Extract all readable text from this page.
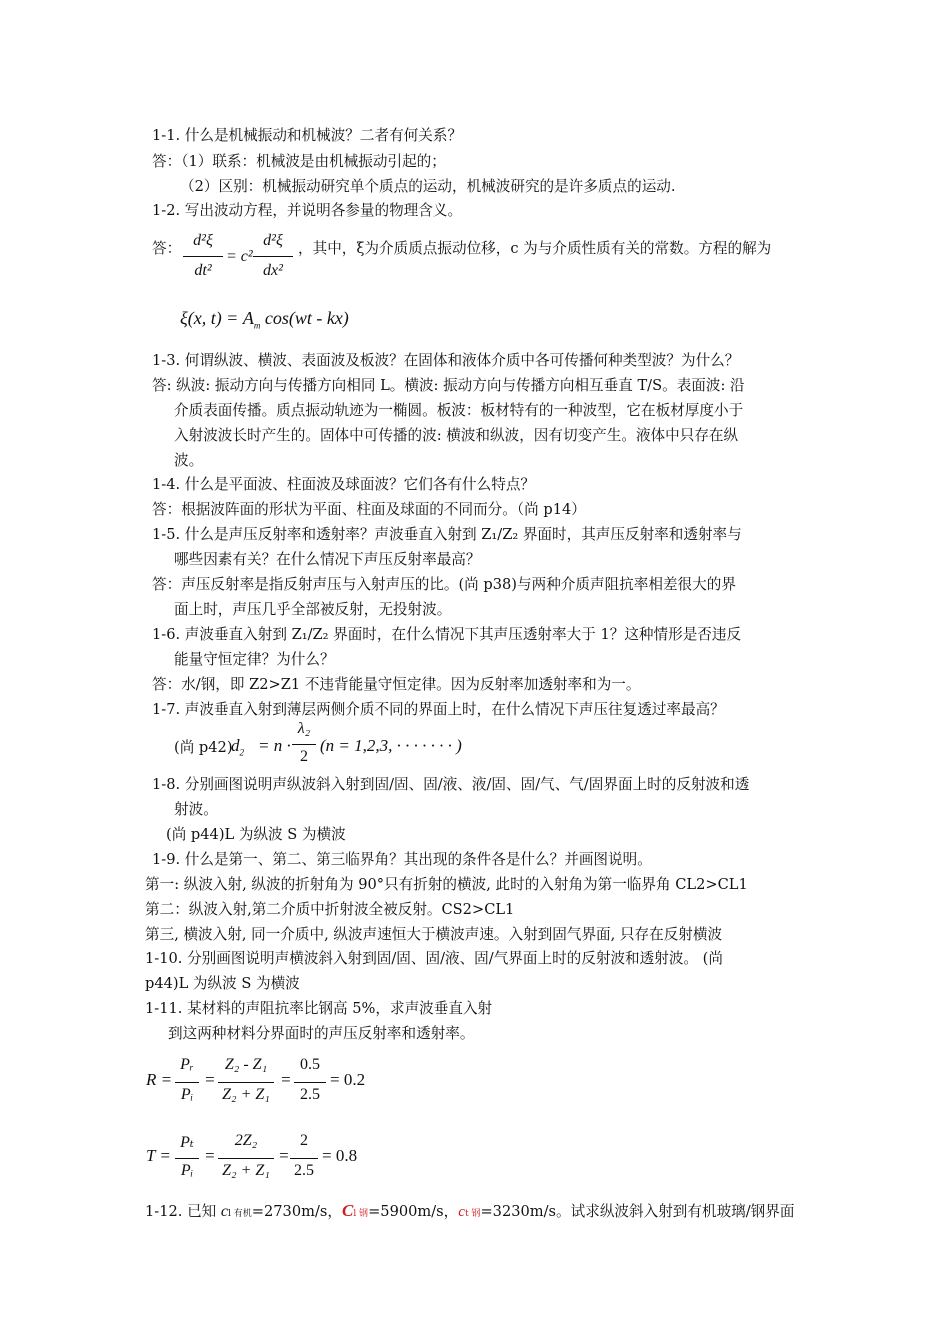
1-1. 什么是机械振动和机械波？二者有何关系？
答：（1）联系：机械波是由机械振动引起的；
（2）区别：机械振动研究单个质点的运动，机械波研究的是许多质点的运动.
1-2. 写出波动方程，并说明各参量的物理含义。
答： d²ξ
dt²
= c²
d²ξ
dx²
，其中，ξ为介质质点振动位移，c 为与介质性质有关的常数。方程的解为
ξ(x, $t) = A_m$ cos(wt - kx)
1-3. 何谓纵波、横波、表面波及板波？在固体和液体介质中各可传播何种类型波？为什么？
答: 纵波: 振动方向与传播方向相同 L。横波: 振动方向与传播方向相互垂直 T/S。表面波: 沿
介质表面传播。质点振动轨迹为一椭圆。板波：板材特有的一种波型，它在板材厚度小于
入射波波长时产生的。固体中可传播的波: 横波和纵波，因有切变产生。液体中只存在纵
波。
1-4. 什么是平面波、柱面波及球面波？它们各有什么特点？
答：根据波阵面的形状为平面、柱面及球面的不同而分。（尚 p14）
1-5. 什么是声压反射率和透射率？声波垂直入射到 Z₁/Z₂ 界面时，其声压反射率和透射率与
哪些因素有关？在什么情况下声压反射率最高？
答：声压反射率是指反射声压与入射声压的比。(尚 p38)与两种介质声阻抗率相差很大的界
面上时，声压几乎全部被反射，无投射波。
1-6. 声波垂直入射到 Z₁/Z₂ 界面时，在什么情况下其声压透射率大于 1？这种情形是否违反
能量守恒定律？为什么？
答：水/钢，即 Z2>Z1 不违背能量守恒定律。因为反射率加透射率和为一。
1-7. 声波垂直入射到薄层两侧介质不同的界面上时，在什么情况下声压往复透过率最高？
(尚 p42)
$d_2 = n$ ·
λ₂
2
(n = 1,2,3, · · · · · · · )
1-8. 分别画图说明声纵波斜入射到固/固、固/液、液/固、固/气、气/固界面上时的反射波和透
射波。
(尚 p44)L 为纵波 S 为横波
1-9. 什么是第一、第二、第三临界角？其出现的条件各是什么？并画图说明。
第一: 纵波入射, 纵波的折射角为 90°只有折射的横波, 此时的入射角为第一临界角 CL2>CL1
第二：纵波入射,第二介质中折射波全被反射。CS2>CL1
第三, 横波入射, 同一介质中, 纵波声速恒大于横波声速。入射到固气界面, 只存在反射横波
1-10. 分别画图说明声横波斜入射到固/固、固/液、固/气界面上时的反射波和透射波。 (尚
p44)L 为纵波 S 为横波
1-11. 某材料的声阻抗率比钢高 5%，求声波垂直入射
到这两种材料分界面时的声压反射率和透射率。
R =
Pᵣ
Pᵢ
=
Z₂ - Z₁
Z₂ + Z₁
=
0.5
2.5
= 0.2
T =
Pₜ
Pᵢ
=
2Z₂
Z₂ + Z₁
=
2
2.5
= 0.8
1-12. 已知 cl 有机=2730m/s，Cl 钢=5900m/s，ct 钢=3230m/s。试求纵波斜入射到有机玻璃/钢界面
